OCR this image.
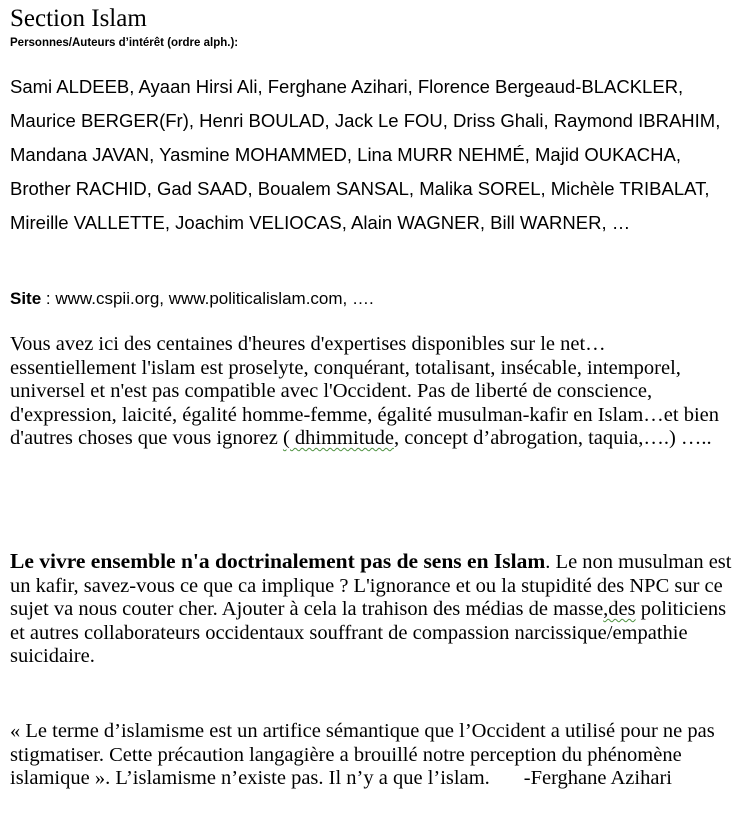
Section Islam
Personnes/Auteurs d’intérêt (ordre alph.):

Sami ALDEEB, Ayaan Hirsi Ali, Ferghane Azihari, Florence Bergeaud-BLACKLER, Maurice BERGER(Fr), Henri BOULAD, Jack Le FOU, Driss Ghali, Raymond IBRAHIM, Mandana JAVAN, Yasmine MOHAMMED, Lina MURR NEHMÉ, Majid OUKACHA, Brother RACHID, Gad SAAD, Boualem SANSAL, Malika SOREL, Michèle TRIBALAT, Mireille VALLETTE, Joachim VELIOCAS, Alain WAGNER, Bill WARNER, …

Site : www.cspii.org, www.politicalislam.com, ….

Vous avez ici des centaines d'heures d'expertises disponibles sur le net…essentiellement l'islam est proselyte, conquérant, totalisant, insécable, intemporel, universel et n'est pas compatible avec l'Occident. Pas de liberté de conscience, d'expression, laicité, égalité homme-femme, égalité musulman-kafir en Islam…et bien d'autres choses que vous ignorez ( dhimmitude, concept d’abrogation, taquia,….) …..

Le vivre ensemble n'a doctrinalement pas de sens en Islam. Le non musulman est un kafir, savez-vous ce que ca implique ? L'ignorance et ou la stupidité des NPC sur ce sujet va nous couter cher. Ajouter à cela la trahison des médias de masse,des politiciens et autres collaborateurs occidentaux souffrant de compassion narcissique/empathie suicidaire.

« Le terme d’islamisme est un artifice sémantique que l’Occident a utilisé pour ne pas stigmatiser. Cette précaution langagière a brouillé notre perception du phénomène islamique ». L’islamisme n’existe pas. Il n’y a que l’islam. -Ferghane Azihari
